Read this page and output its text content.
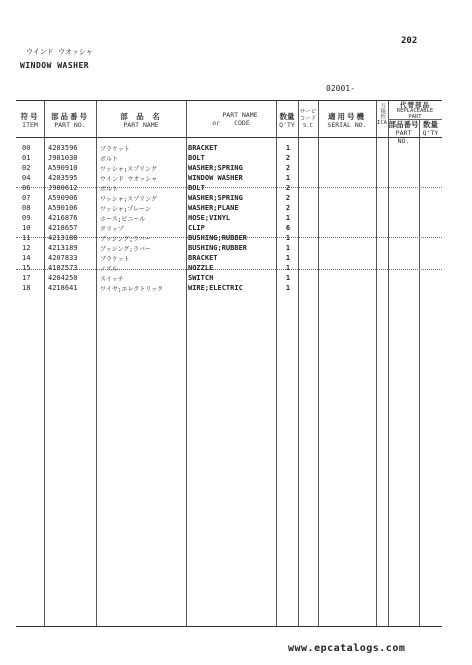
202
ウインド ウオッシャ
WINDOW WASHER
02001-
符号
ITEM
部品番号
PART NO.
部 品 名
PART NAME
PART NAME
or CODE
数量
Q'TY
サービ
コード
S.C
適用号機
SERIAL NO.
互換性
ICA
代替部品
REPLACEABLE
PART
部品番号
PART NO.
数量
Q'TY
00	4203596	ブラケット	BRACKET	1
01	J901030	ボルト	BOLT	2
02	A590910	ワッシャ;スプリング	WASHER;SPRING	2
04	4203595	ウインド ウオッシャ	WINDOW WASHER	1
06	J900612	ボルト	BOLT	2
07	A590906	ワッシャ;スプリング	WASHER;SPRING	2
08	A590106	ワッシャ;プレーン	WASHER;PLANE	2
09	4216876	ホース;ビニール	HOSE;VINYL	1
10	4218657	クリップ	CLIP	6
11	4213188	ブッシング;ラバー	BUSHING;RUBBER	1
12	4213189	ブッシング;ラバー	BUSHING;RUBBER	1
14	4207833	ブラケット	BRACKET	1
15	4107573	ノズル	NOZZLE	1
17	4204250	スイッチ	SWITCH	1
18	4218641	ワイヤ;エレクトリック	WIRE;ELECTRIC	1
www.epcatalogs.com
